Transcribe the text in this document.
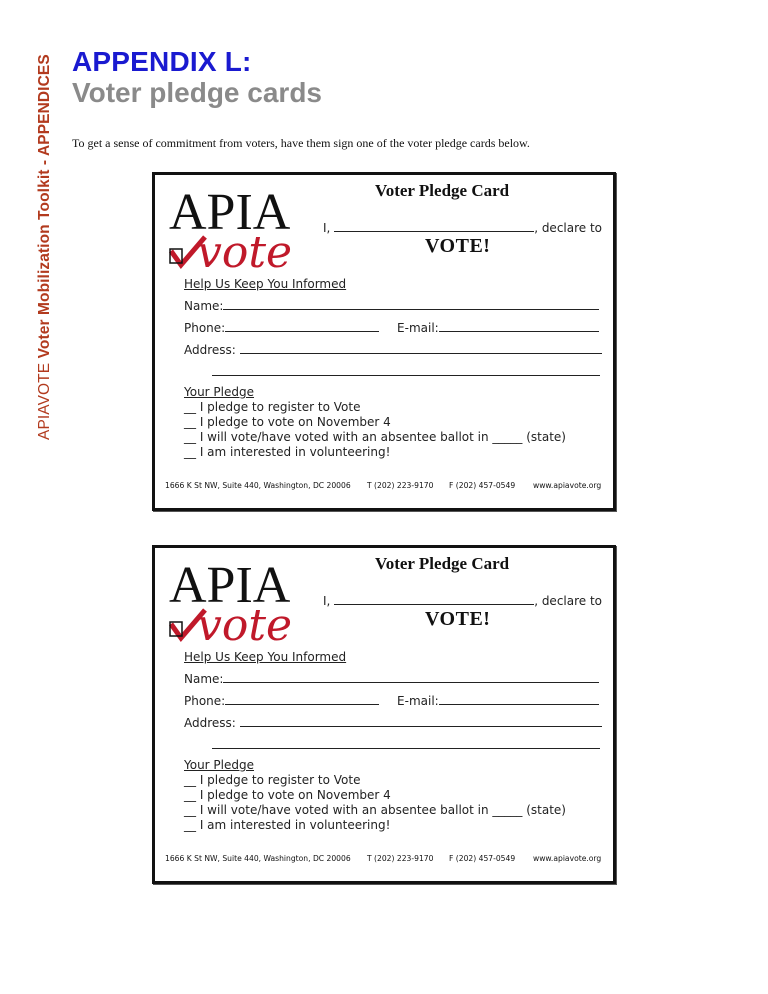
APIAVOTE Voter Mobilization Toolkit - APPENDICES APPENDIX L:
Voter pledge cards
To get a sense of commitment from voters, have them sign one of the voter pledge cards below.
APIA
vote
Voter Pledge Card
I,	, declare to
VOTE!
Help Us Keep You Informed
Name:
Phone:	E-mail:
Address:
Your Pledge
__ I pledge to register to Vote
__ I pledge to vote on November 4
__ I will vote/have voted with an absentee ballot in _____ (state)
__ I am interested in volunteering!
1666 K St NW, Suite 440, Washington, DC 20006 T (202) 223-9170 F (202) 457-0549 www.apiavote.org
APIA
vote
Voter Pledge Card
I,	, declare to
VOTE!
Help Us Keep You Informed
Name:
Phone:	E-mail:
Address:
Your Pledge
__ I pledge to register to Vote
__ I pledge to vote on November 4
__ I will vote/have voted with an absentee ballot in _____ (state)
__ I am interested in volunteering!
1666 K St NW, Suite 440, Washington, DC 20006 T (202) 223-9170 F (202) 457-0549 www.apiavote.org
